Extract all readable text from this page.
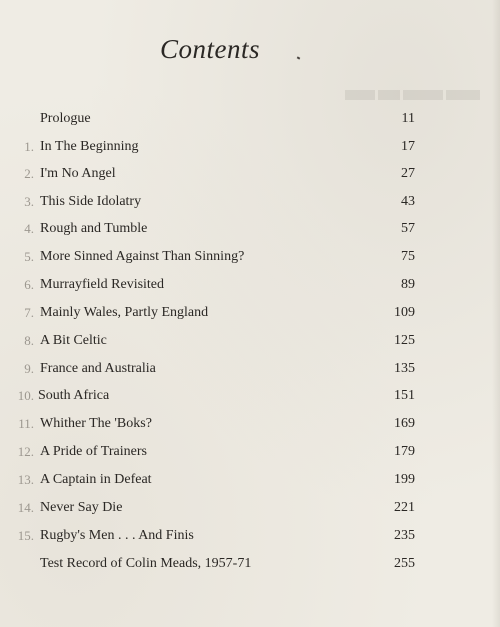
Contents
Prologue	11
1. In The Beginning	17
2. I'm No Angel	27
3. This Side Idolatry	43
4. Rough and Tumble	57
5. More Sinned Against Than Sinning?	75
6. Murrayfield Revisited	89
7. Mainly Wales, Partly England	109
8. A Bit Celtic	125
9. France and Australia	135
10. South Africa	151
11. Whither The 'Boks?	169
12. A Pride of Trainers	179
13. A Captain in Defeat	199
14. Never Say Die	221
15. Rugby's Men . . . And Finis	235
Test Record of Colin Meads, 1957-71	255
